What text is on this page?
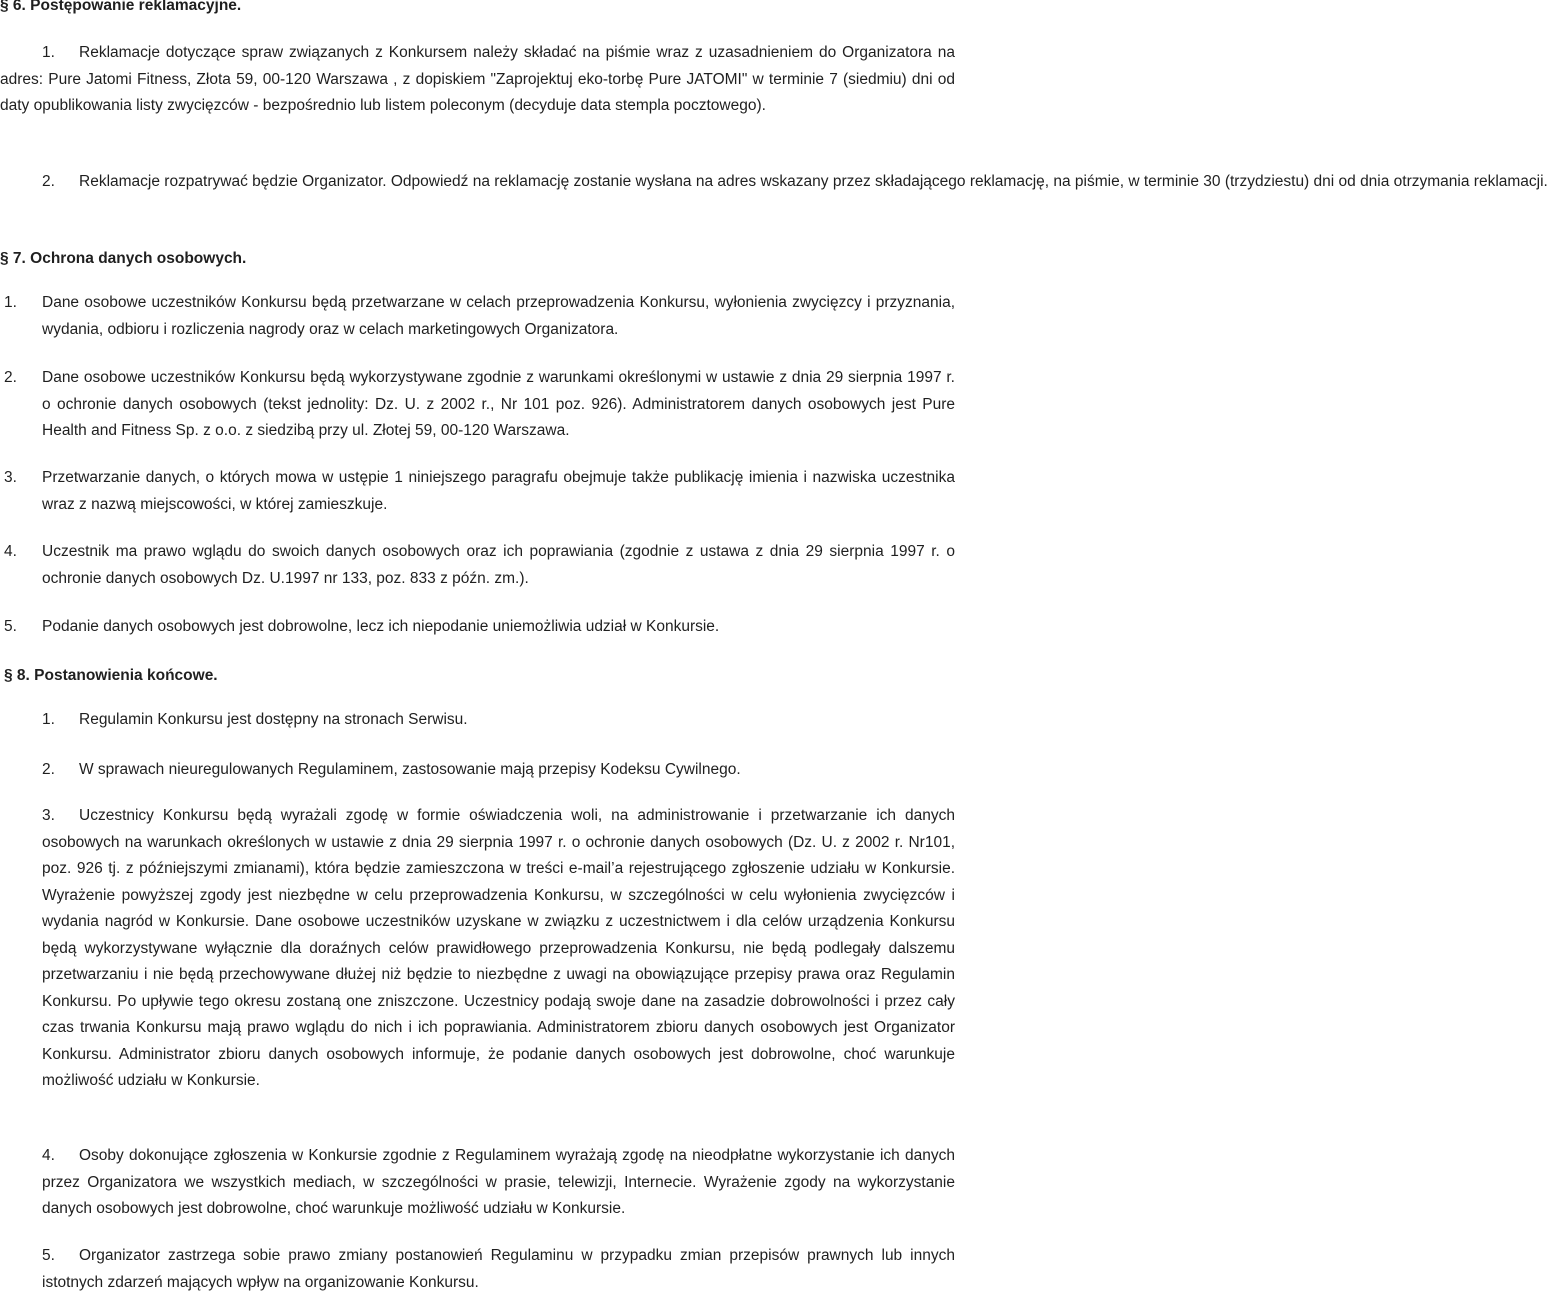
§ 6. Postępowanie reklamacyjne.
1. Reklamacje dotyczące spraw związanych z Konkursem należy składać na piśmie wraz z uzasadnieniem do Organizatora na adres: Pure Jatomi Fitness, Złota 59, 00-120 Warszawa , z dopiskiem "Zaprojektuj eko-torbę Pure JATOMI" w terminie 7 (siedmiu) dni od daty opublikowania listy zwycięzców - bezpośrednio lub listem poleconym (decyduje data stempla pocztowego).
2. Reklamacje rozpatrywać będzie Organizator. Odpowiedź na reklamację zostanie wysłana na adres wskazany przez składającego reklamację, na piśmie, w terminie 30 (trzydziestu) dni od dnia otrzymania reklamacji.
§ 7. Ochrona danych osobowych.
1. Dane osobowe uczestników Konkursu będą przetwarzane w celach przeprowadzenia Konkursu, wyłonienia zwycięzcy i przyznania, wydania, odbioru i rozliczenia nagrody oraz w celach marketingowych Organizatora.
2. Dane osobowe uczestników Konkursu będą wykorzystywane zgodnie z warunkami określonymi w ustawie z dnia 29 sierpnia 1997 r. o ochronie danych osobowych (tekst jednolity: Dz. U. z 2002 r., Nr 101 poz. 926). Administratorem danych osobowych jest Pure Health and Fitness Sp. z o.o. z siedzibą przy ul. Złotej 59, 00-120 Warszawa.
3. Przetwarzanie danych, o których mowa w ustępie 1 niniejszego paragrafu obejmuje także publikację imienia i nazwiska uczestnika wraz z nazwą miejscowości, w której zamieszkuje.
4. Uczestnik ma prawo wglądu do swoich danych osobowych oraz ich poprawiania (zgodnie z ustawa z dnia 29 sierpnia 1997 r. o ochronie danych osobowych Dz. U.1997 nr 133, poz. 833 z późn. zm.).
5. Podanie danych osobowych jest dobrowolne, lecz ich niepodanie uniemożliwia udział w Konkursie.
§ 8. Postanowienia końcowe.
1. Regulamin Konkursu jest dostępny na stronach Serwisu.
2. W sprawach nieuregulowanych Regulaminem, zastosowanie mają przepisy Kodeksu Cywilnego.
3. Uczestnicy Konkursu będą wyrażali zgodę w formie oświadczenia woli, na administrowanie i przetwarzanie ich danych osobowych na warunkach określonych w ustawie z dnia 29 sierpnia 1997 r. o ochronie danych osobowych (Dz. U. z 2002 r. Nr101, poz. 926 tj. z późniejszymi zmianami), która będzie zamieszczona w treści e-mail’a rejestrującego zgłoszenie udziału w Konkursie. Wyrażenie powyższej zgody jest niezbędne w celu przeprowadzenia Konkursu, w szczególności w celu wyłonienia zwycięzców i wydania nagród w Konkursie. Dane osobowe uczestników uzyskane w związku z uczestnictwem i dla celów urządzenia Konkursu będą wykorzystywane wyłącznie dla doraźnych celów prawidłowego przeprowadzenia Konkursu, nie będą podlegały dalszemu przetwarzaniu i nie będą przechowywane dłużej niż będzie to niezbędne z uwagi na obowiązujące przepisy prawa oraz Regulamin Konkursu. Po upływie tego okresu zostaną one zniszczone. Uczestnicy podają swoje dane na zasadzie dobrowolności i przez cały czas trwania Konkursu mają prawo wglądu do nich i ich poprawiania. Administratorem zbioru danych osobowych jest Organizator Konkursu. Administrator zbioru danych osobowych informuje, że podanie danych osobowych jest dobrowolne, choć warunkuje możliwość udziału w Konkursie.
4. Osoby dokonujące zgłoszenia w Konkursie zgodnie z Regulaminem wyrażają zgodę na nieodpłatne wykorzystanie ich danych przez Organizatora we wszystkich mediach, w szczególności w prasie, telewizji, Internecie. Wyrażenie zgody na wykorzystanie danych osobowych jest dobrowolne, choć warunkuje możliwość udziału w Konkursie.
5. Organizator zastrzega sobie prawo zmiany postanowień Regulaminu w przypadku zmian przepisów prawnych lub innych istotnych zdarzeń mających wpływ na organizowanie Konkursu.
